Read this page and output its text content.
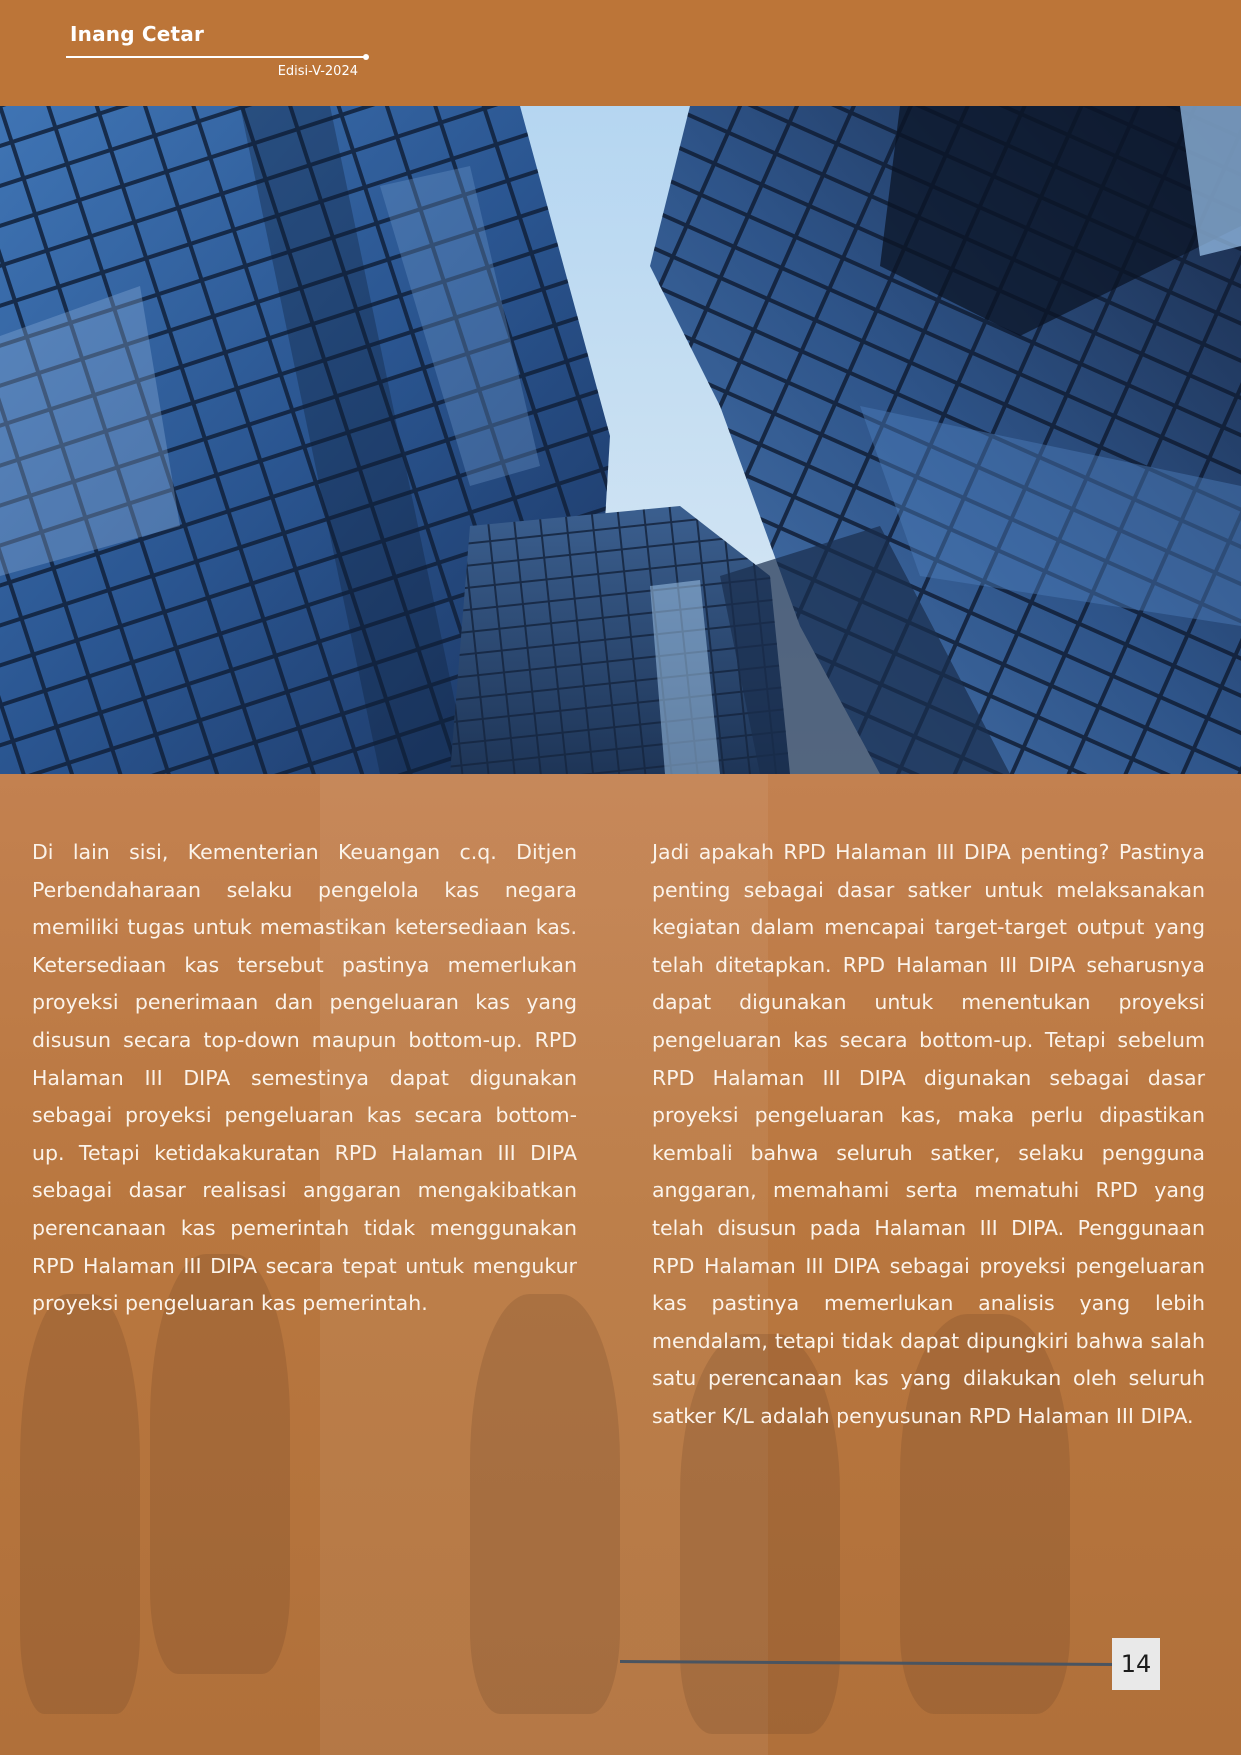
Inang Cetar
Edisi-V-2024

Di lain sisi, Kementerian Keuangan c.q. Ditjen Perbendaharaan selaku pengelola kas negara memiliki tugas untuk memastikan ketersediaan kas. Ketersediaan kas tersebut pastinya memerlukan proyeksi penerimaan dan pengeluaran kas yang disusun secara top-down maupun bottom-up. RPD Halaman III DIPA semestinya dapat digunakan sebagai proyeksi pengeluaran kas secara bottom-up. Tetapi ketidakakuratan RPD Halaman III DIPA sebagai dasar realisasi anggaran mengakibatkan perencanaan kas pemerintah tidak menggunakan RPD Halaman III DIPA secara tepat untuk mengukur proyeksi pengeluaran kas pemerintah.

Jadi apakah RPD Halaman III DIPA penting? Pastinya penting sebagai dasar satker untuk melaksanakan kegiatan dalam mencapai target-target output yang telah ditetapkan. RPD Halaman III DIPA seharusnya dapat digunakan untuk menentukan proyeksi pengeluaran kas secara bottom-up. Tetapi sebelum RPD Halaman III DIPA digunakan sebagai dasar proyeksi pengeluaran kas, maka perlu dipastikan kembali bahwa seluruh satker, selaku pengguna anggaran, memahami serta mematuhi RPD yang telah disusun pada Halaman III DIPA. Penggunaan RPD Halaman III DIPA sebagai proyeksi pengeluaran kas pastinya memerlukan analisis yang lebih mendalam, tetapi tidak dapat dipungkiri bahwa salah satu perencanaan kas yang dilakukan oleh seluruh satker K/L adalah penyusunan RPD Halaman III DIPA.

14
